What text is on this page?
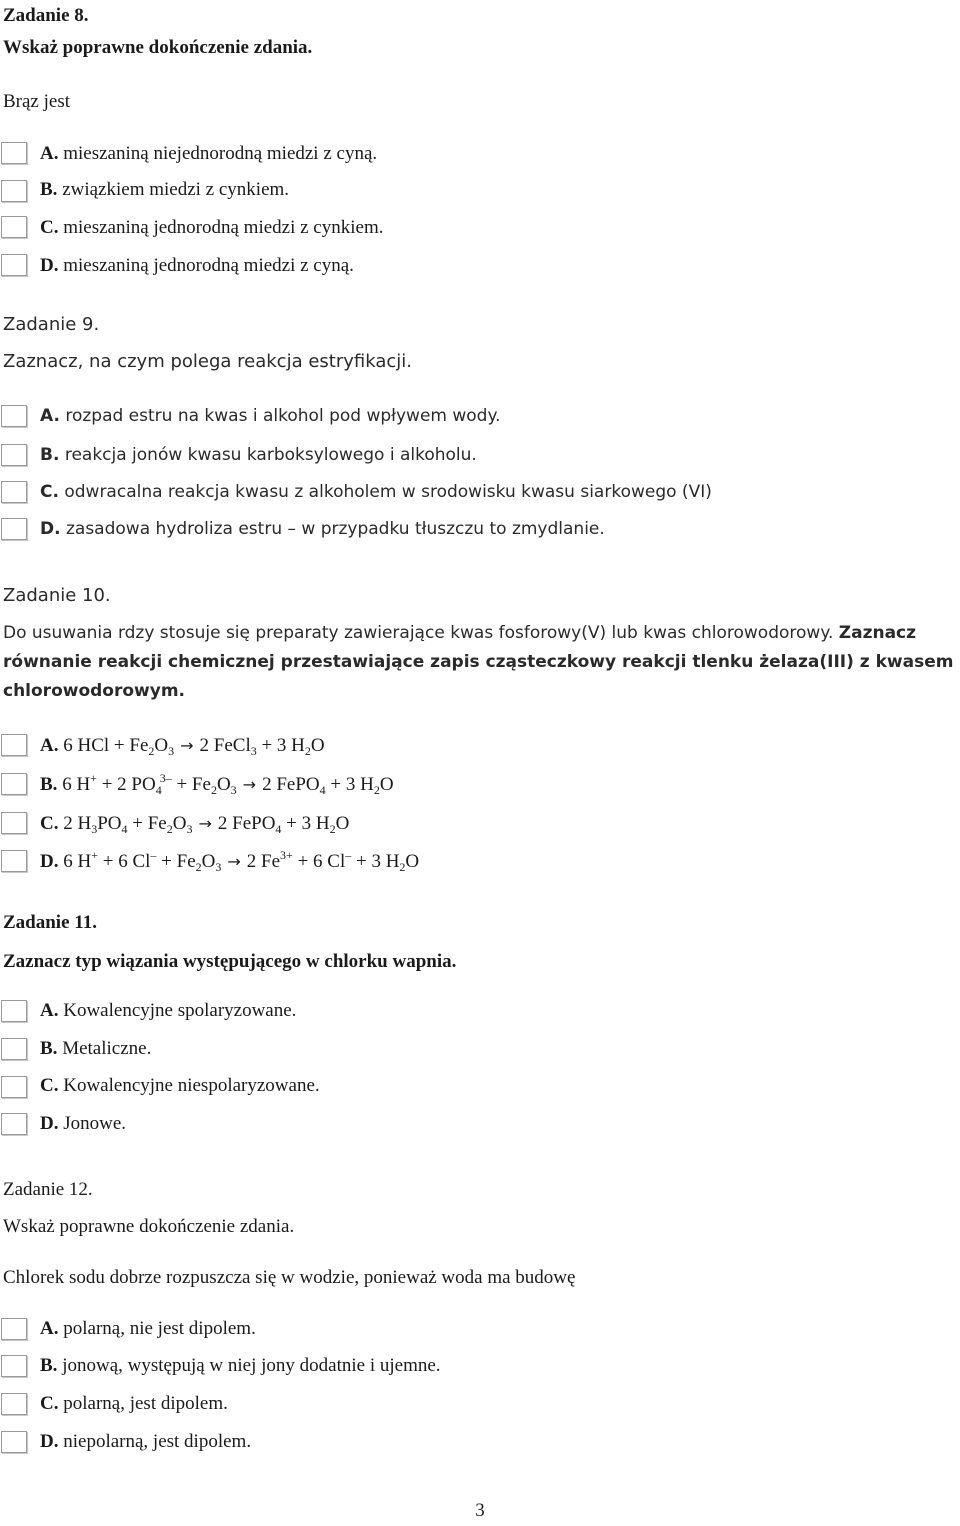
Zadanie 8.
Wskaż poprawne dokończenie zdania.
Brąz jest
A. mieszaniną niejednorodną miedzi z cyną.
B. związkiem miedzi z cynkiem.
C. mieszaniną jednorodną miedzi z cynkiem.
D. mieszaniną jednorodną miedzi z cyną.
Zadanie 9.
Zaznacz, na czym polega reakcja estryfikacji.
A. rozpad estru na kwas i alkohol pod wpływem wody.
B. reakcja jonów kwasu karboksylowego i alkoholu.
C. odwracalna reakcja kwasu z alkoholem w srodowisku kwasu siarkowego (VI)
D. zasadowa hydroliza estru – w przypadku tłuszczu to zmydlanie.
Zadanie 10.
Do usuwania rdzy stosuje się preparaty zawierające kwas fosforowy(V) lub kwas chlorowodorowy. Zaznacz równanie reakcji chemicznej przestawiające zapis cząsteczkowy reakcji tlenku żelaza(III) z kwasem chlorowodorowym.
A. 6 HCl + $Fe_2O_3 \to 2$ FeCl$_3$ + 3 $H_2O$
B. 6 H+ + 2 $PO_4^{3-} + Fe_2O_3 \to 2$ FePO$_4$ + 3 $H_2O$
C. 2 $H_3PO_4 + Fe_2O_3 \to 2$ FePO$_4$ + 3 $H_2O$
D. 6 H+ + 6 $Cl^- + Fe_2O_3 \to 2$ $Fe^{3+} + 6$ Cl– + 3 $H_2O$
Zadanie 11.
Zaznacz typ wiązania występującego w chlorku wapnia.
A. Kowalencyjne spolaryzowane.
B. Metaliczne.
C. Kowalencyjne niespolaryzowane.
D. Jonowe.
Zadanie 12.
Wskaż poprawne dokończenie zdania.
Chlorek sodu dobrze rozpuszcza się w wodzie, ponieważ woda ma budowę
A. polarną, nie jest dipolem.
B. jonową, występują w niej jony dodatnie i ujemne.
C. polarną, jest dipolem.
D. niepolarną, jest dipolem.
3
